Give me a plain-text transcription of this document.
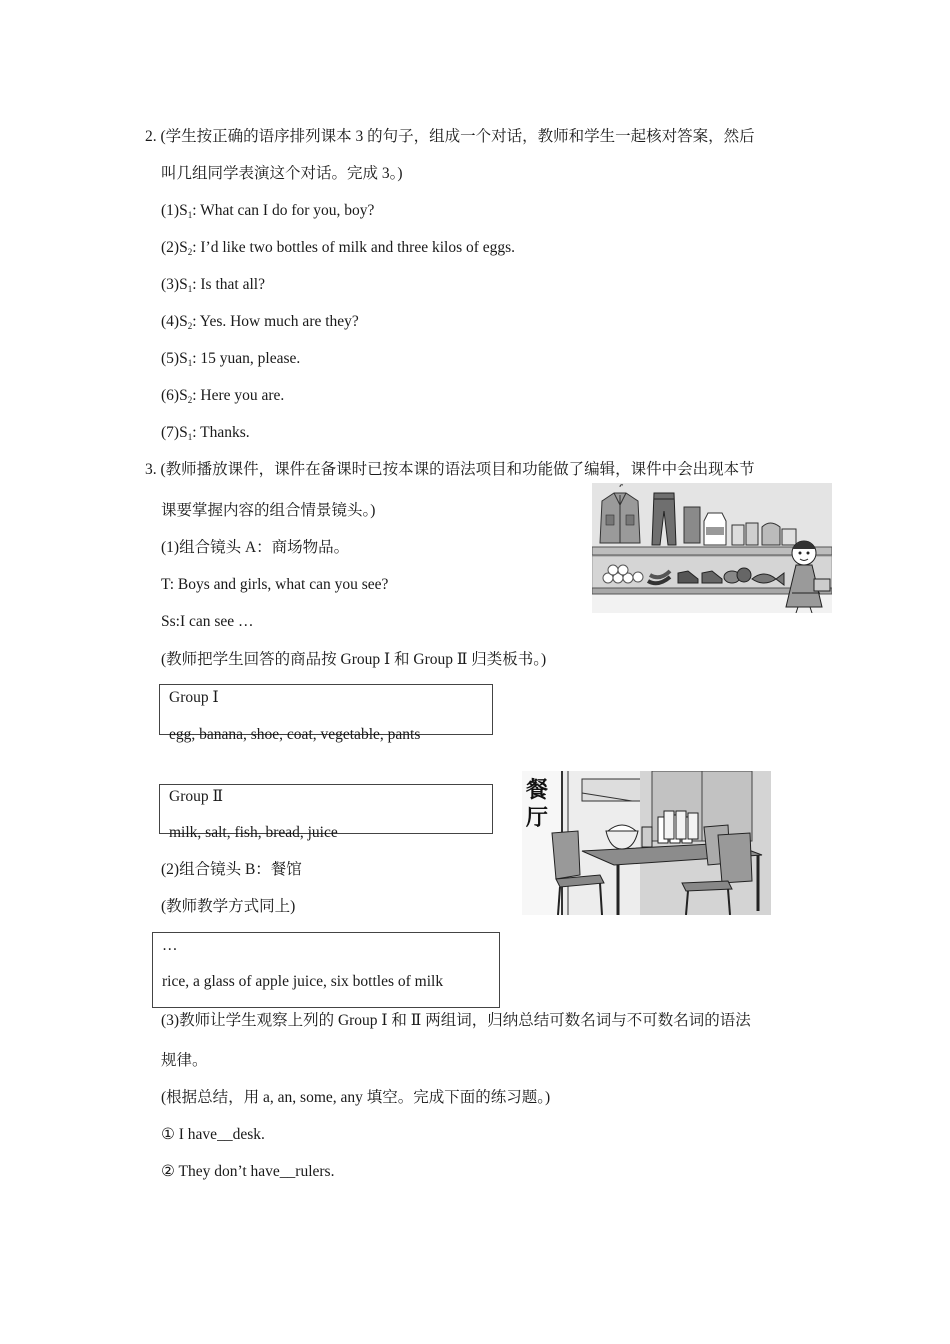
2. (学生按正确的语序排列课本 3 的句子，组成一个对话，教师和学生一起核对答案，然后
叫几组同学表演这个对话。完成 3。)
$(1)S_1$: What can I do for you, boy?
$(2)S_2$: I’d like two bottles of milk and three kilos of eggs.
$(3)S_1$: Is that all?
$(4)S_2$: Yes. How much are they?
$(5)S_1$: 15 yuan, please.
$(6)S_2$: Here you are.
$(7)S_1$: Thanks.
3. (教师播放课件，课件在备课时已按本课的语法项目和功能做了编辑，课件中会出现本节
课要掌握内容的组合情景镜头。)
(1)组合镜头 A：商场物品。
T: Boys and girls, what can you see?
Ss:I can see …
(教师把学生回答的商品按 Group Ⅰ 和 Group Ⅱ 归类板书。)
Group Ⅰ
egg, banana, shoe, coat, vegetable, pants
Group Ⅱ
milk, salt, fish, bread, juice
餐
厅
(2)组合镜头 B：餐馆
(教师教学方式同上)
…
rice, a glass of apple juice, six bottles of milk
(3)教师让学生观察上列的 Group Ⅰ 和 Ⅱ 两组词，归纳总结可数名词与不可数名词的语法
规律。
(根据总结，用 a, an, some, any 填空。完成下面的练习题。)
① I have__desk.
② They don’t have__rulers.
